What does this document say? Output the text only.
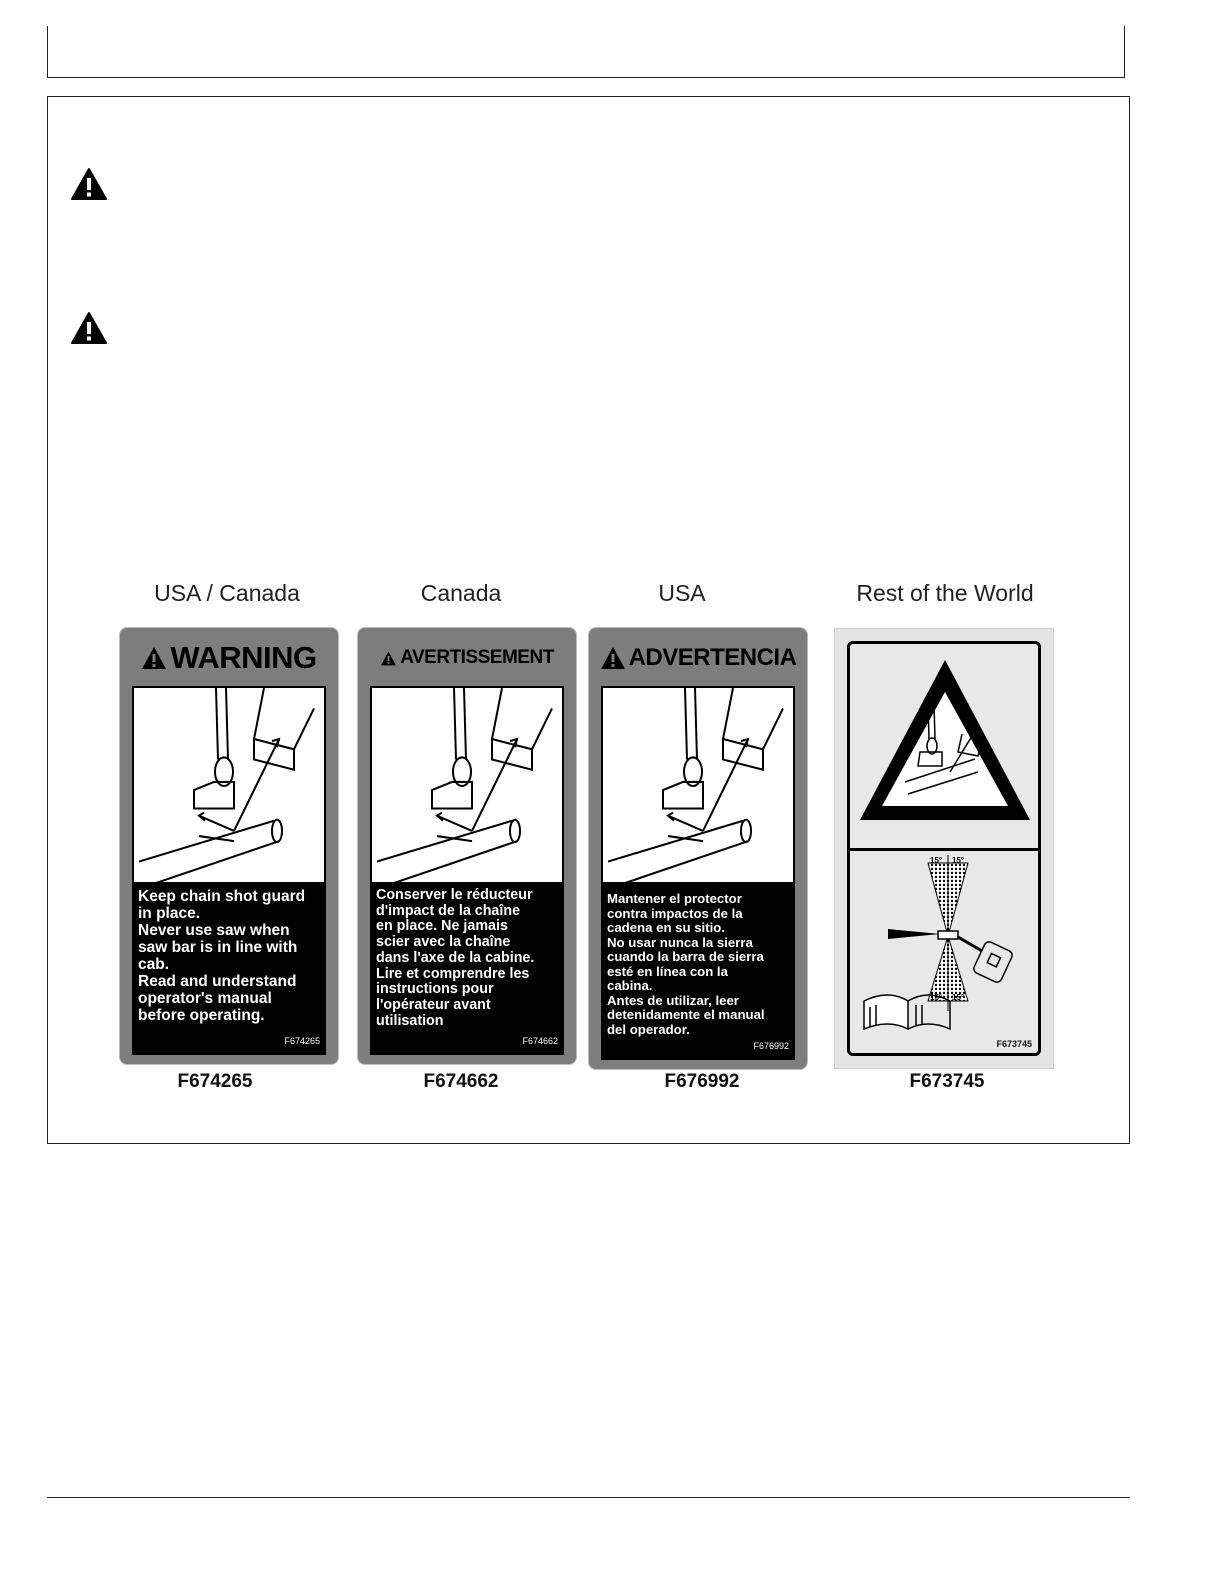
USA / Canada	Canada	USA	Rest of the World
WARNING
Keep chain shot guard
in place.
Never use saw when
saw bar is in line with
cab.
Read and understand
operator's manual
before operating.
F674265
F674265
AVERTISSEMENT
Conserver le réducteur
d'impact de la chaîne
en place. Ne jamais
scier avec la chaîne
dans l'axe de la cabine.
Lire et comprendre les
instructions pour
l'opérateur avant
utilisation
F674662
F674662
ADVERTENCIA
Mantener el protector
contra impactos de la
cadena en su sitio.
No usar nunca la sierra
cuando la barra de sierra
esté en línea con la
cabina.
Antes de utilizar, leer
detenidamente el manual
del operador.
F676992
F676992
15° 15°
15° 15°
F673745
F673745
